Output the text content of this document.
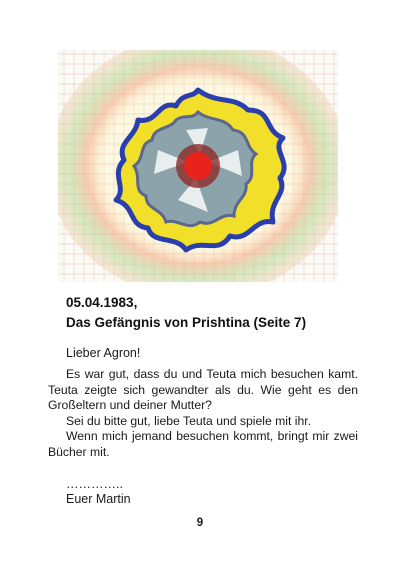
05.04.1983,
Das Gefängnis von Prishtina (Seite 7)
Lieber Agron!

Es war gut, dass du und Teuta mich besuchen kamt. Teuta zeigte sich gewandter als du. Wie geht es den Großeltern und deiner Mutter?

Sei du bitte gut, liebe Teuta und spiele mit ihr.

Wenn mich jemand besuchen kommt, bringt mir zwei Bücher mit.

…………..
Euer Martin
9
